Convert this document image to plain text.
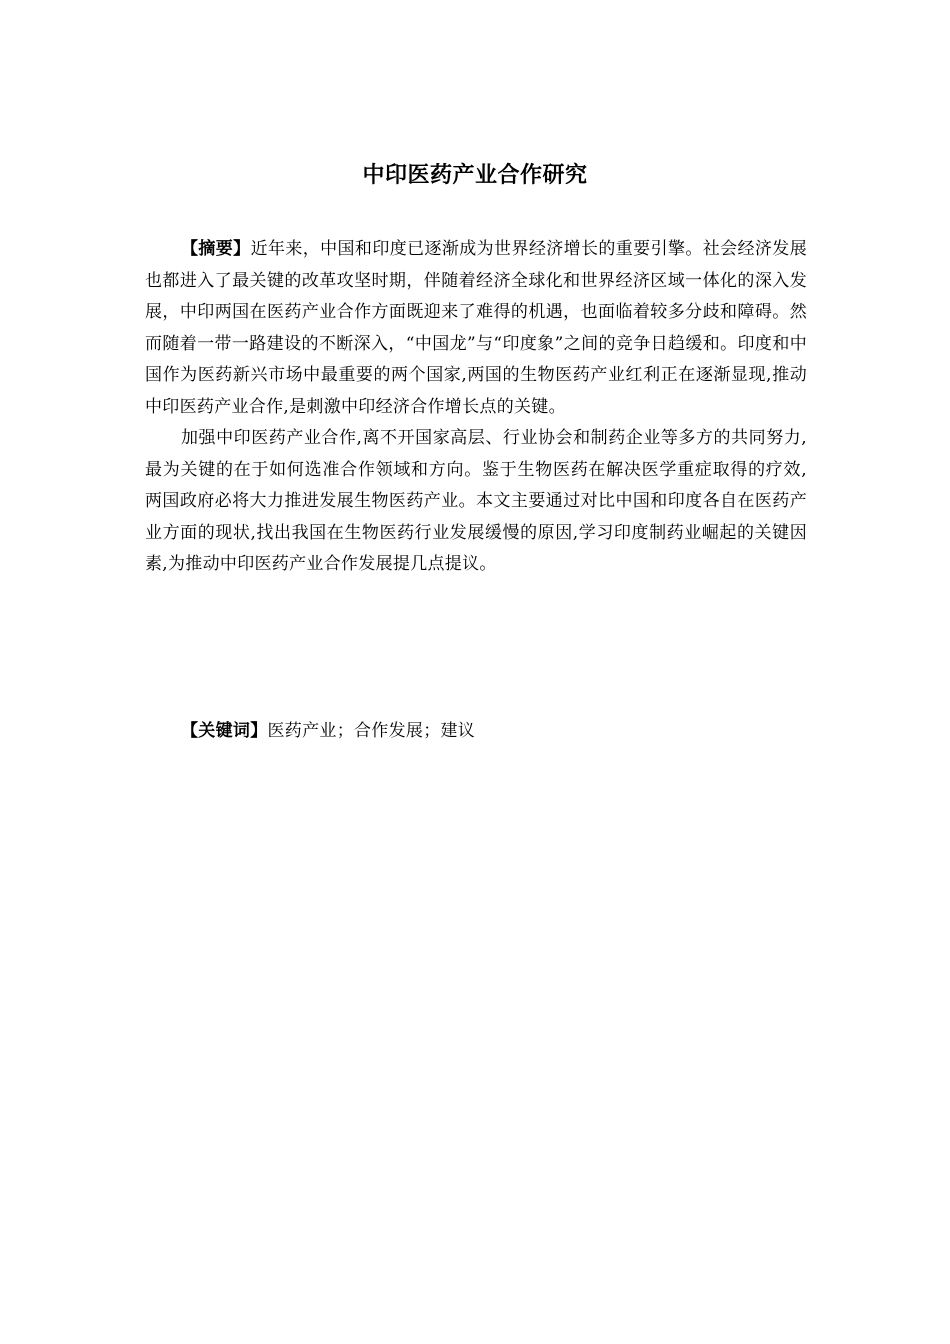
中印医药产业合作研究

【摘要】近年来，中国和印度已逐渐成为世界经济增长的重要引擎。社会经济发展也都进入了最关键的改革攻坚时期，伴随着经济全球化和世界经济区域一体化的深入发展，中印两国在医药产业合作方面既迎来了难得的机遇，也面临着较多分歧和障碍。然而随着一带一路建设的不断深入，“中国龙”与“印度象”之间的竞争日趋缓和。印度和中国作为医药新兴市场中最重要的两个国家,两国的生物医药产业红利正在逐渐显现,推动中印医药产业合作,是刺激中印经济合作增长点的关键。

加强中印医药产业合作,离不开国家高层、行业协会和制药企业等多方的共同努力,最为关键的在于如何选准合作领域和方向。鉴于生物医药在解决医学重症取得的疗效,两国政府必将大力推进发展生物医药产业。本文主要通过对比中国和印度各自在医药产业方面的现状,找出我国在生物医药行业发展缓慢的原因,学习印度制药业崛起的关键因素,为推动中印医药产业合作发展提几点提议。

【关键词】医药产业；合作发展；建议
